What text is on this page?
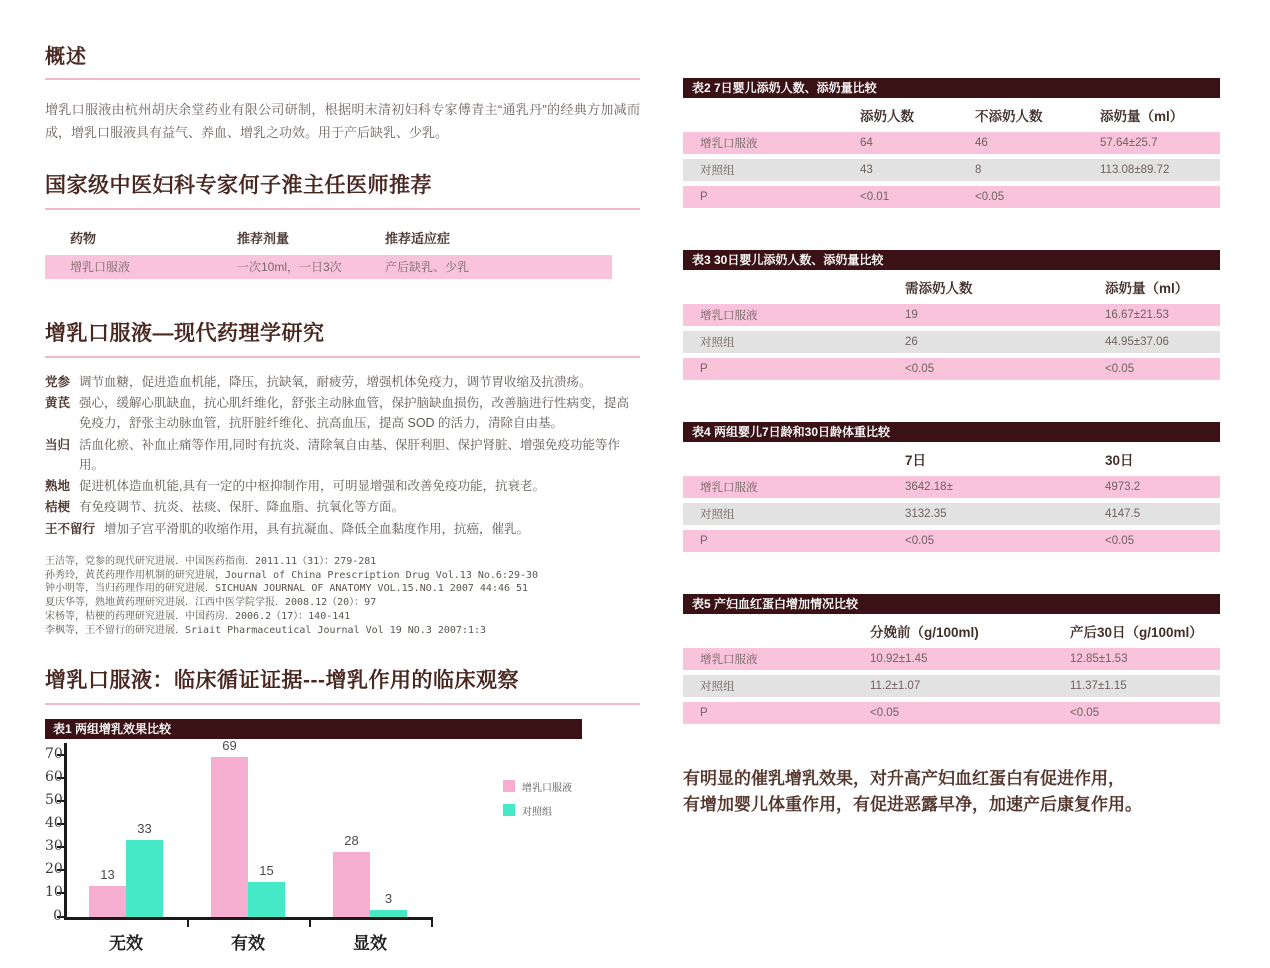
概述

增乳口服液由杭州胡庆余堂药业有限公司研制，根据明末清初妇科专家傅青主“通乳丹”的经典方加减而成，增乳口服液具有益气、养血、增乳之功效。用于产后缺乳、少乳。

国家级中医妇科专家何子淮主任医师推荐
药物	推荐剂量	推荐适应症
增乳口服液	一次10ml，一日3次	产后缺乳、少乳
增乳口服液—现代药理学研究
党参 调节血糖，促进造血机能，降压，抗缺氧，耐疲劳，增强机体免疫力，调节胃收缩及抗溃疡。
黄芪 强心，缓解心肌缺血，抗心肌纤维化，舒张主动脉血管，保护脑缺血损伤，改善脑进行性病变，提高免疫力，舒张主动脉血管，抗肝脏纤维化、抗高血压，提高 SOD 的活力，清除自由基。
当归 活血化瘀、补血止痛等作用,同时有抗炎、清除氧自由基、保肝利胆、保护肾脏、增强免疫功能等作用。
熟地 促进机体造血机能,具有一定的中枢抑制作用，可明显增强和改善免疫功能，抗衰老。
桔梗 有免疫调节、抗炎、祛痰、保肝、降血脂、抗氧化等方面。
王不留行 增加子宫平滑肌的收缩作用，具有抗凝血、降低全血黏度作用，抗癌，催乳。
王洁等，党参的现代研究进展．中国医药指南．2011.11（31）：279-281
孙秀玲，黄芪药理作用机制的研究进展，Journal of China Prescription Drug Vol.13 No.6:29-30
钟小明等，当归药理作用的研究进展．SICHUAN JOURNAL OF ANATOMY VOL.15.NO.1 2007 44:46 51
夏庆华等，熟地黄药理研究进展．江西中医学院学报．2008.12（20）：97
宋杨等，桔梗的药理研究进展．中国药房．2006.2（17）：140-141
李枫等，王不留行的研究进展．Sriait Pharmaceutical Journal Vol 19 NO.3 2007:1:3
增乳口服液：临床循证证据---增乳作用的临床观察
表1 两组增乳效果比较
0
10
20
30
40
50
60
70
13
33
无效
69
15
有效
28
3
显效
增乳口服液
对照组
表2 7日婴儿添奶人数、添奶量比较
添奶人数	不添奶人数	添奶量（ml）
增乳口服液	64	46	57.64±25.7
对照组	43	8	113.08±89.72
P	<0.01	<0.05
表3 30日婴儿添奶人数、添奶量比较
需添奶人数	添奶量（ml）
增乳口服液	19	16.67±21.53
对照组	26	44.95±37.06
P	<0.05	<0.05
表4 两组婴儿7日龄和30日龄体重比较
7日	30日
增乳口服液	3642.18±	4973.2
对照组	3132.35	4147.5
P	<0.05	<0.05
表5 产妇血红蛋白增加情况比较
分娩前（g/100ml)	产后30日（g/100ml）
增乳口服液	10.92±1.45	12.85±1.53
对照组	11.2±1.07	11.37±1.15
P	<0.05	<0.05
有明显的催乳增乳效果，对升高产妇血红蛋白有促进作用，
有增加婴儿体重作用，有促进恶露早净，加速产后康复作用。
